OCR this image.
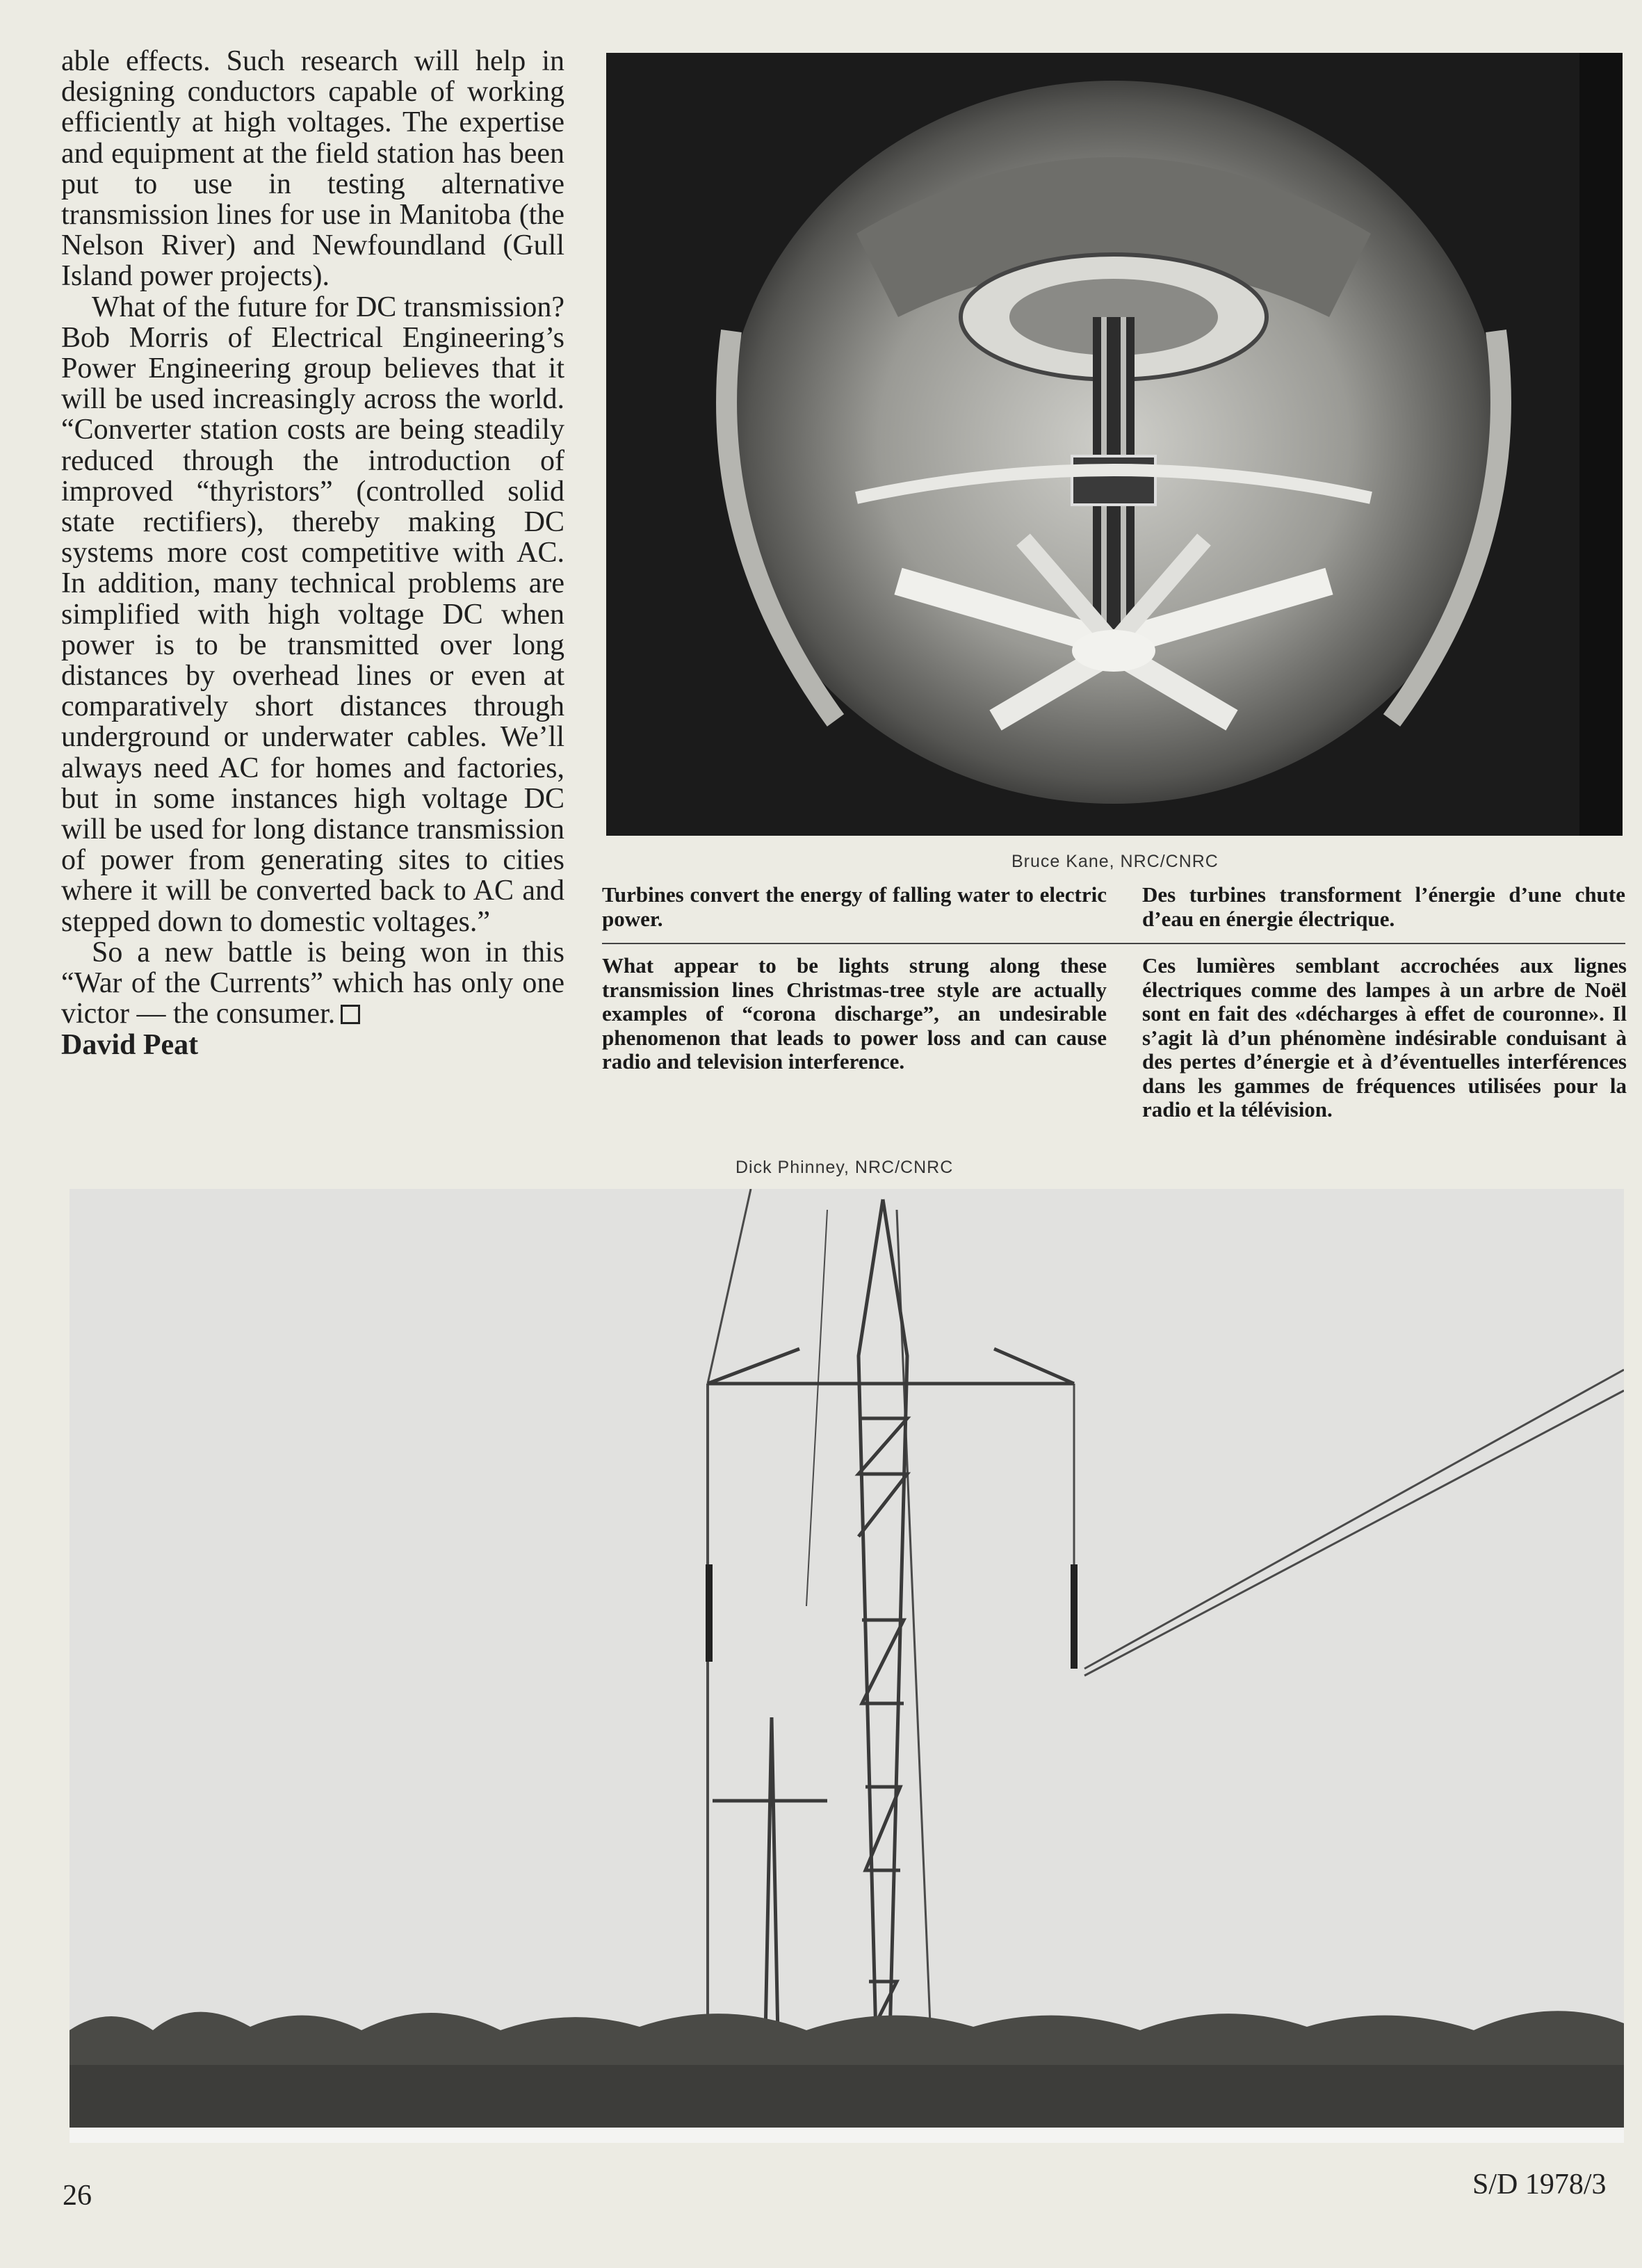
able effects. Such research will help in designing conductors capable of working efficiently at high voltages. The expertise and equipment at the field station has been put to use in testing alternative transmission lines for use in Manitoba (the Nelson River) and Newfoundland (Gull Island power projects).

What of the future for DC transmission? Bob Morris of Electrical Engineering’s Power Engineering group believes that it will be used increasingly across the world. “Converter station costs are being steadily reduced through the introduction of improved “thyristors” (controlled solid state rectifiers), thereby making DC systems more cost competitive with AC. In addition, many technical problems are simplified with high voltage DC when power is to be transmitted over long distances by overhead lines or even at comparatively short distances through underground or underwater cables. We’ll always need AC for homes and factories, but in some instances high voltage DC will be used for long distance transmission of power from generating sites to cities where it will be converted back to AC and stepped down to domestic voltages.”

So a new battle is being won in this “War of the Currents” which has only one victor — the consumer.

David Peat

Bruce Kane, NRC/CNRC
Turbines convert the energy of falling water to electric power.
Des turbines transforment l’énergie d’une chute d’eau en énergie électrique.
What appear to be lights strung along these transmission lines Christmas-tree style are actually examples of “corona discharge”, an undesirable phenomenon that leads to power loss and can cause radio and television interference.
Ces lumières semblant accrochées aux lignes électriques comme des lampes à un arbre de Noël sont en fait des «décharges à effet de couronne». Il s’agit là d’un phénomène indésirable conduisant à des pertes d’énergie et à d’éventuelles interférences dans les gammes de fréquences utilisées pour la radio et la télévision.
Dick Phinney, NRC/CNRC
26	S/D 1978/3
